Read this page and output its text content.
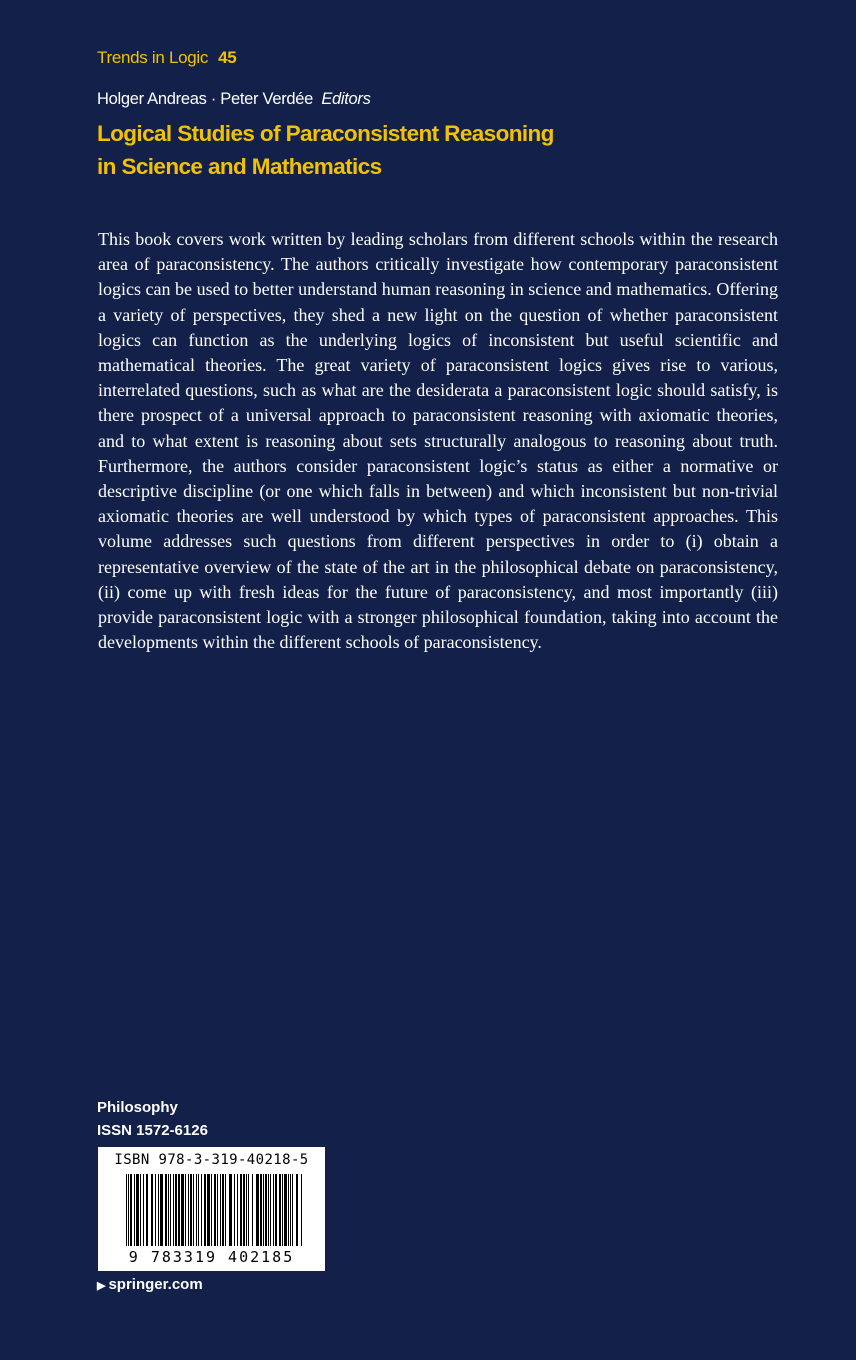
Trends in Logic 45
Holger Andreas · Peter Verdée Editors
Logical Studies of Paraconsistent Reasoning
in Science and Mathematics
This book covers work written by leading scholars from different schools within the research area of paraconsistency. The authors critically investigate how contemporary paraconsistent logics can be used to better understand human reasoning in science and mathematics. Offering a variety of perspectives, they shed a new light on the question of whether paraconsistent logics can function as the underlying logics of inconsistent but useful scientific and mathematical theories. The great variety of paraconsistent logics gives rise to various, interrelated questions, such as what are the desiderata a paraconsistent logic should satisfy, is there prospect of a universal approach to paraconsistent reasoning with axiomatic theories, and to what extent is reasoning about sets structurally analogous to reasoning about truth. Furthermore, the authors consider paraconsistent logic’s status as either a normative or descriptive discipline (or one which falls in between) and which inconsistent but non-trivial axiomatic theories are well understood by which types of paraconsistent approaches. This volume addresses such questions from different perspectives in order to (i) obtain a representative overview of the state of the art in the philosophical debate on paraconsistency, (ii) come up with fresh ideas for the future of paraconsistency, and most importantly (iii) provide paraconsistent logic with a stronger philosophical foundation, taking into account the developments within the different schools of paraconsistency.
Philosophy
ISSN 1572-6126
ISBN 978-3-319-40218-5
9 783319 402185
▶ springer.com
